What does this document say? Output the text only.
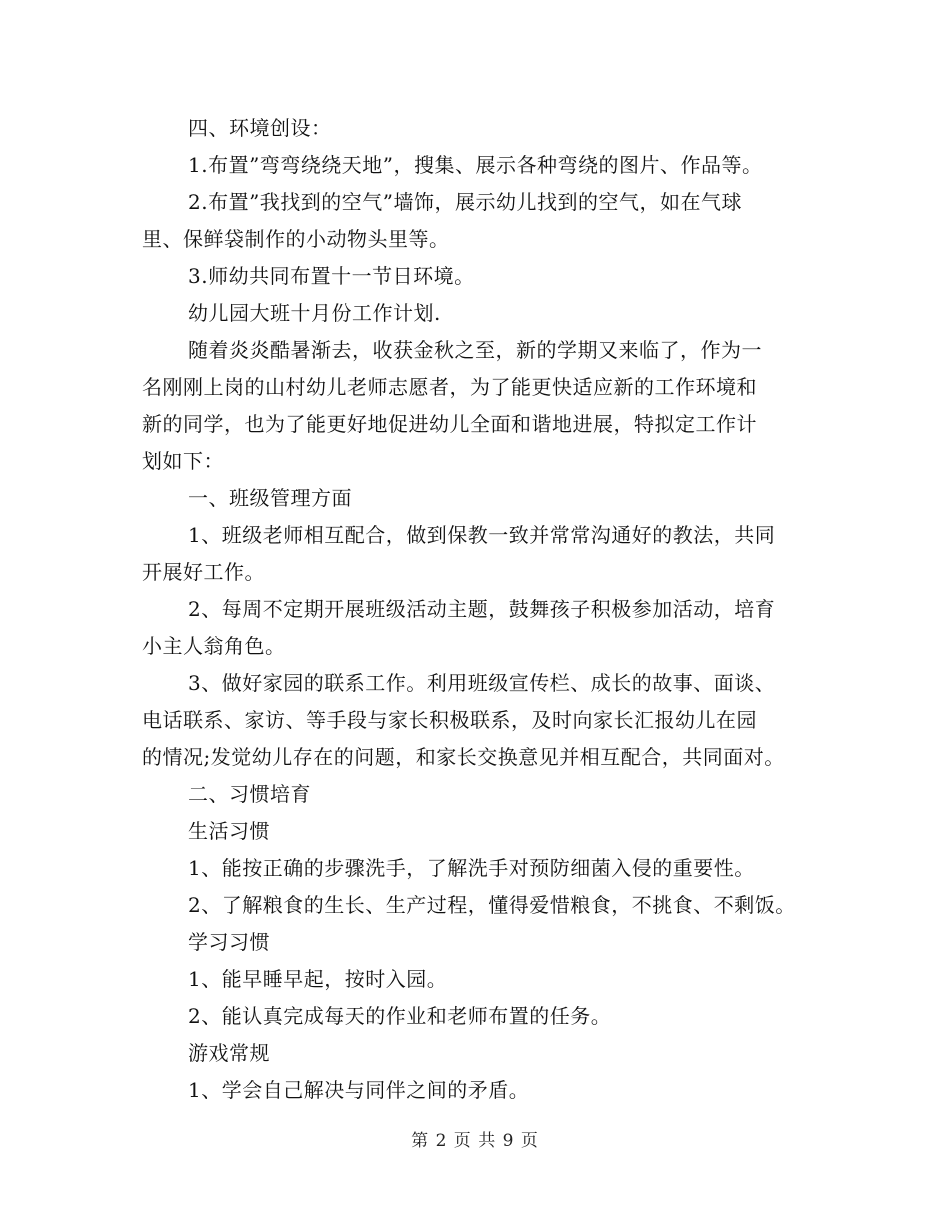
四、环境创设：
1.布置”弯弯绕绕天地”，搜集、展示各种弯绕的图片、作品等。
2.布置”我找到的空气”墙饰，展示幼儿找到的空气，如在气球
里、保鲜袋制作的小动物头里等。
3.师幼共同布置十一节日环境。
幼儿园大班十月份工作计划.
随着炎炎酷暑渐去，收获金秋之至，新的学期又来临了，作为一
名刚刚上岗的山村幼儿老师志愿者，为了能更快适应新的工作环境和
新的同学，也为了能更好地促进幼儿全面和谐地进展，特拟定工作计
划如下：
一、班级管理方面
1、班级老师相互配合，做到保教一致并常常沟通好的教法，共同
开展好工作。
2、每周不定期开展班级活动主题，鼓舞孩子积极参加活动，培育
小主人翁角色。
3、做好家园的联系工作。利用班级宣传栏、成长的故事、面谈、
电话联系、家访、等手段与家长积极联系，及时向家长汇报幼儿在园
的情况;发觉幼儿存在的问题，和家长交换意见并相互配合，共同面对。
二、习惯培育
生活习惯
1、能按正确的步骤洗手，了解洗手对预防细菌入侵的重要性。
2、了解粮食的生长、生产过程，懂得爱惜粮食，不挑食、不剩饭。
学习习惯
1、能早睡早起，按时入园。
2、能认真完成每天的作业和老师布置的任务。
游戏常规
1、学会自己解决与同伴之间的矛盾。
第 2 页 共 9 页
